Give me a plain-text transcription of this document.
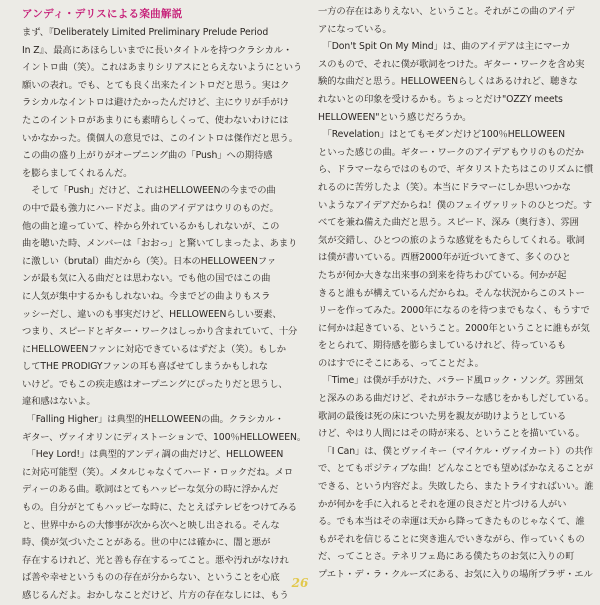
アンディ・デリスによる楽曲解説
まず、『Deliberately Limited Preliminary Prelude Period
In Z』、最高にあほらしいまでに長いタイトルを持つクラシカル・
イントロ曲（笑）。これはあまりシリアスにとらえないようにという
願いの表れ。でも、とても良く出来たイントロだと思う。実はク
ラシカルなイントロは避けたかったんだけど、主にウリが手がけ
たこのイントロがあまりにも素晴らしくって、使わないわけには
いかなかった。僕個人の意見では、このイントロは傑作だと思う。
この曲の盛り上がりがオープニング曲の「Push」への期待感
を膨らましてくれるんだ。
　そして「Push」だけど、これはHELLOWEENの今までの曲
の中で最も強力にハードだよ。曲のアイデアはウリのものだ。
他の曲と違っていて、枠から外れているかもしれないが、この
曲を聴いた時、メンバーは「おおっ」と驚いてしまったよ、あまり
に激しい（brutal）曲だから（笑）。日本のHELLOWEENファ
ンが最も気に入る曲だとは思わない。でも他の国ではこの曲
に人気が集中するかもしれないね。今までどの曲よりもスラ
ッシーだし、違いのも事実だけど、HELLOWEENらしい要素、
つまり、スピードとギター・ワークはしっかり含まれていて、十分
にHELLOWEENファンに対応できているはずだよ（笑）。もしか
してTHE PRODIGYファンの耳も喜ばせてしまうかもしれな
いけど。でもこの疾走感はオープニングにぴったりだと思うし、
違和感はないよ。
　「Falling Higher」は典型的HELLOWEENの曲。クラシカル・
ギター、ヴァイオリンにディストーションで、100％HELLOWEEN。
　「Hey Lord!」は典型的アンディ調の曲だけど、HELLOWEEN
に対応可能型（笑）。メタルじゃなくてハード・ロックだね。メロ
ディーのある曲。歌詞はとてもハッピーな気分の時に浮かんだ
もの。自分がとてもハッピーな時に、たとえばテレビをつけてみる
と、世界中からの大惨事が次から次へと映し出される。そんな
時、僕が気づいたことがある。世の中には確かに、闇と悪が
存在するけれど、光と善も存在するってこと。悪や汚れがなけれ
ば善や幸せというものの存在が分からない、ということを心底
感じるんだよ。おかしなことだけど、片方の存在なしには、もう
一方の存在はありえない、ということ。それがこの曲のアイデ
アになっている。
　「Don't Spit On My Mind」は、曲のアイデアは主にマーカ
スのもので、それに僕が歌詞をつけた。ギター・ワークを含め実
験的な曲だと思う。HELLOWEENらしくはあるけれど、聴きな
れないとの印象を受けるかも。ちょっとだけ"OZZY meets
HELLOWEEN"という感じだろうか。
　「Revelation」はとてもモダンだけど100％HELLOWEEN
といった感じの曲。ギター・ワークのアイデアもウリのものだか
ら、ドラマーならではのもので、ギタリストたちはこのリズムに慣
れるのに苦労したよ（笑）。本当にドラマーにしか思いつかな
いようなアイデアだからね！僕のフェイヴァリットのひとつだ。す
べてを兼ね備えた曲だと思う。スピード、深み（奥行き）、雰囲
気が交錯し、ひとつの旅のような感覚をもたらしてくれる。歌詞
は僕が書いている。西暦2000年が近づいてきて、多くのひと
たちが何か大きな出来事の到来を待ちわびている。何かが起
きると誰もが構えているんだからね。そんな状況からこのストー
リーを作ってみた。2000年になるのを待つまでもなく、もうすで
に何かは起きている、ということ。2000年ということに誰もが気
をとられて、期待感を膨らましているけれど、待っているも
のはすでにそこにある、ってことだよ。
　「Time」は僕が手がけた、バラード風ロック・ソング。雰囲気
と深みのある曲だけど、それがホラーな感じをかもしだしている。
歌詞の最後は死の床についた男を親友が助けようとしている
けど、やはり人間にはその時が来る、ということを描いている。
　「I Can」は、僕とヴァイキー（マイケル・ヴァイカート）の共作
で、とてもポジティブな曲！どんなことでも望めばかなえることが
できる、という内容だよ。失敗したら、またトライすればいい。誰
かが何かを手に入れるとそれを運の良さだと片づける人がい
る。でも本当はその幸運は天から降ってきたものじゃなくて、誰
もがそれを信じることに突き進んでいきながら、作っていくもの
だ、ってことさ。テネリフェ島にある僕たちのお気に入りの町
プエト・デ・ラ・クルーズにある、お気に入りの場所プラザ・エル
26
